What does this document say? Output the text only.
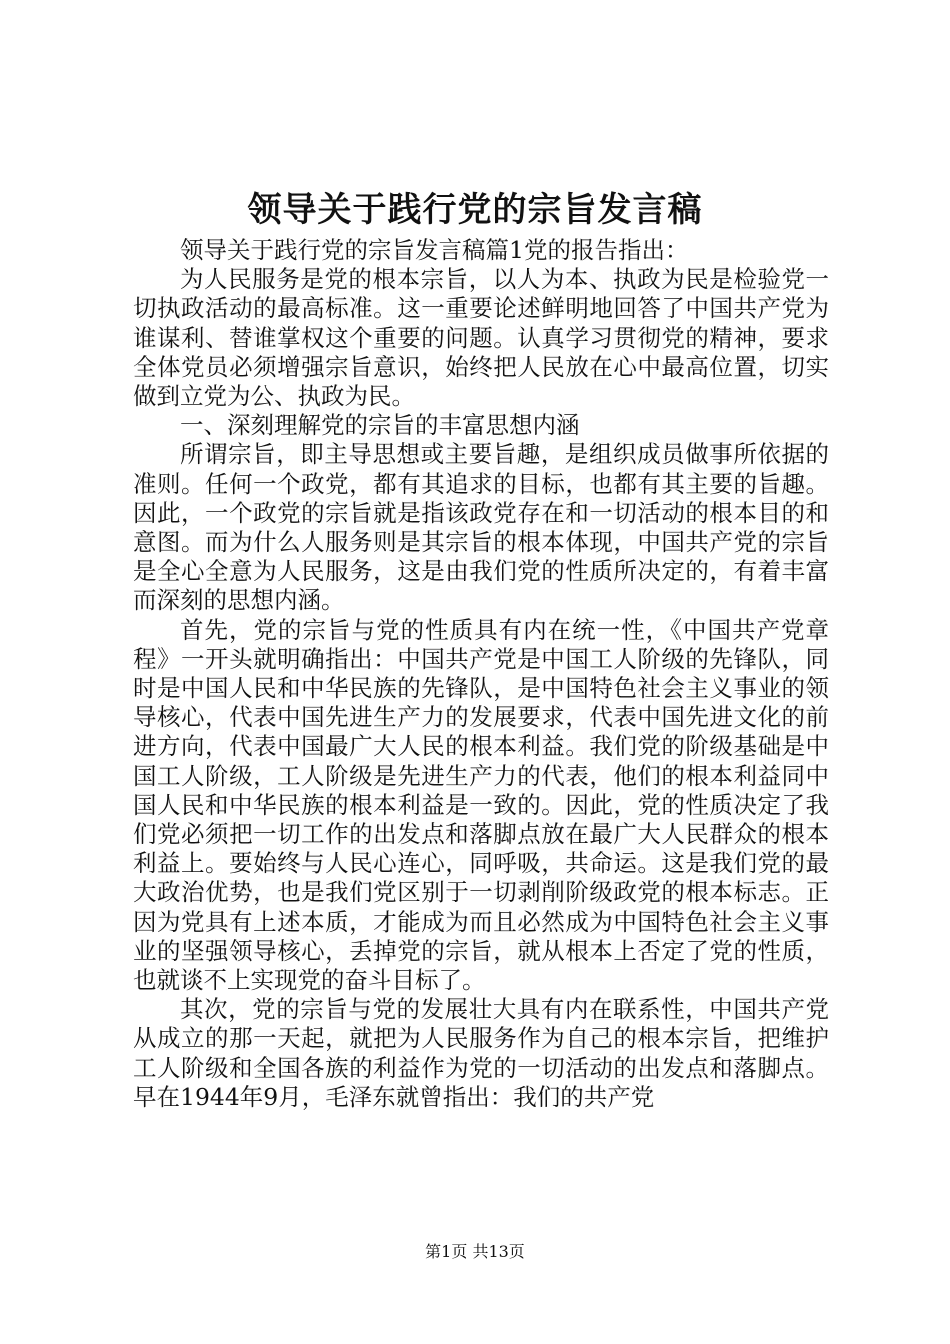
领导关于践行党的宗旨发言稿

领导关于践行党的宗旨发言稿篇1党的报告指出：

为人民服务是党的根本宗旨，以人为本、执政为民是检验党一切执政活动的最高标准。这一重要论述鲜明地回答了中国共产党为谁谋利、替谁掌权这个重要的问题。认真学习贯彻党的精神，要求全体党员必须增强宗旨意识，始终把人民放在心中最高位置，切实做到立党为公、执政为民。

一、深刻理解党的宗旨的丰富思想内涵

所谓宗旨，即主导思想或主要旨趣，是组织成员做事所依据的准则。任何一个政党，都有其追求的目标，也都有其主要的旨趣。因此，一个政党的宗旨就是指该政党存在和一切活动的根本目的和意图。而为什么人服务则是其宗旨的根本体现，中国共产党的宗旨是全心全意为人民服务，这是由我们党的性质所决定的，有着丰富而深刻的思想内涵。

首先，党的宗旨与党的性质具有内在统一性，《中国共产党章程》一开头就明确指出：中国共产党是中国工人阶级的先锋队，同时是中国人民和中华民族的先锋队，是中国特色社会主义事业的领导核心，代表中国先进生产力的发展要求，代表中国先进文化的前进方向，代表中国最广大人民的根本利益。我们党的阶级基础是中国工人阶级，工人阶级是先进生产力的代表，他们的根本利益同中国人民和中华民族的根本利益是一致的。因此，党的性质决定了我们党必须把一切工作的出发点和落脚点放在最广大人民群众的根本利益上。要始终与人民心连心，同呼吸，共命运。这是我们党的最大政治优势，也是我们党区别于一切剥削阶级政党的根本标志。正因为党具有上述本质，才能成为而且必然成为中国特色社会主义事业的坚强领导核心，丢掉党的宗旨，就从根本上否定了党的性质，也就谈不上实现党的奋斗目标了。

其次，党的宗旨与党的发展壮大具有内在联系性，中国共产党从成立的那一天起，就把为人民服务作为自己的根本宗旨，把维护工人阶级和全国各族的利益作为党的一切活动的出发点和落脚点。早在1944年9月，毛泽东就曾指出：我们的共产党

第1页 共13页
